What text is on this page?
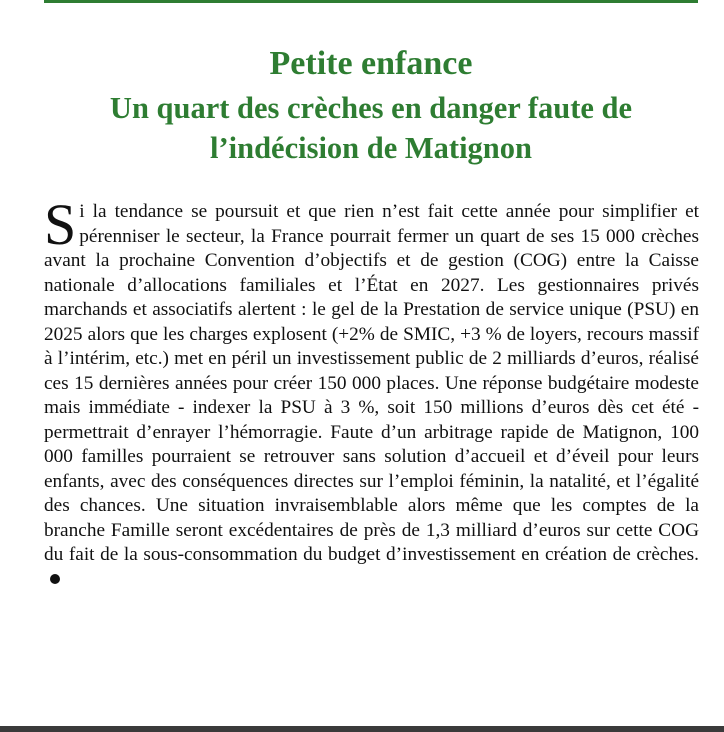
Petite enfance
Un quart des crèches en danger faute de l’indécision de Matignon

Si la tendance se poursuit et que rien n’est fait cette année pour simplifier et pérenniser le secteur, la France pourrait fermer un quart de ses 15 000 crèches avant la prochaine Convention d’objectifs et de gestion (COG) entre la Caisse nationale d’allocations familiales et l’État en 2027. Les gestionnaires privés marchands et associatifs alertent : le gel de la Prestation de service unique (PSU) en 2025 alors que les charges explosent (+2% de SMIC, +3 % de loyers, recours massif à l’intérim, etc.) met en péril un investissement public de 2 milliards d’euros, réalisé ces 15 dernières années pour créer 150 000 places. Une réponse budgétaire modeste mais immédiate - indexer la PSU à 3 %, soit 150 millions d’euros dès cet été - permettrait d’enrayer l’hémorragie. Faute d’un arbitrage rapide de Matignon, 100 000 familles pourraient se retrouver sans solution d’accueil et d’éveil pour leurs enfants, avec des conséquences directes sur l’emploi féminin, la natalité, et l’égalité des chances. Une situation invraisemblable alors même que les comptes de la branche Famille seront excédentaires de près de 1,3 milliard d’euros sur cette COG du fait de la sous-consommation du budget d’investissement en création de crèches.
